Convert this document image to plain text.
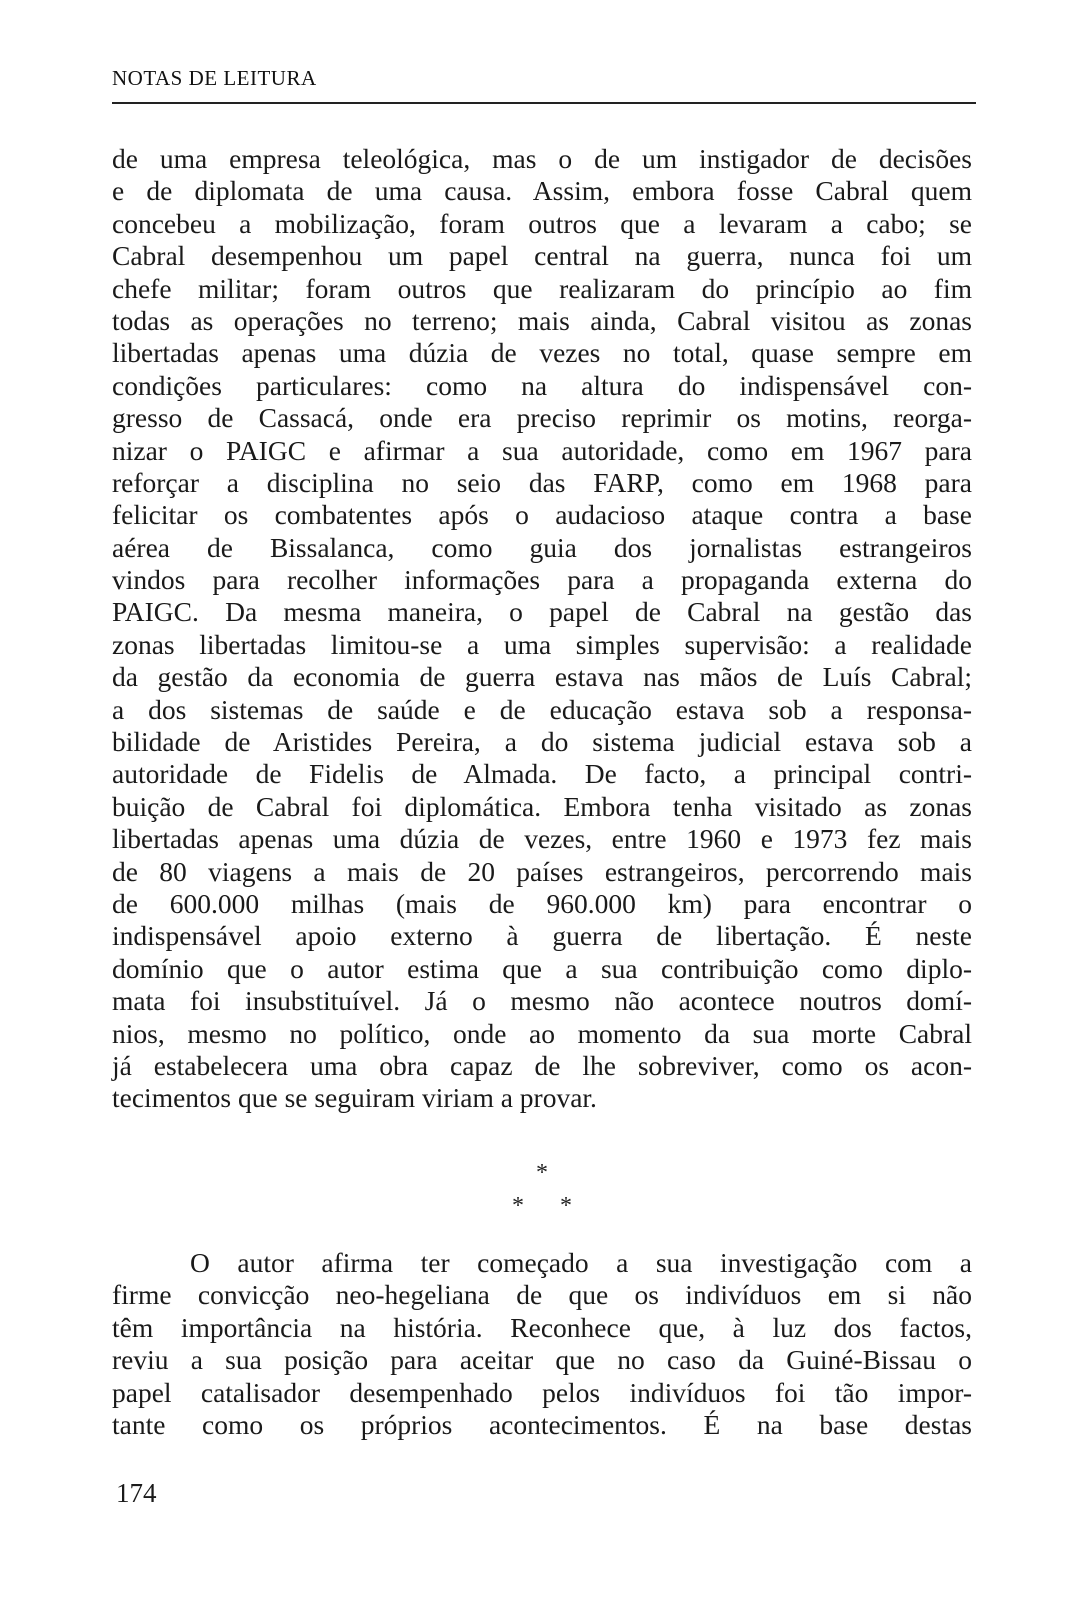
NOTAS DE LEITURA
de uma empresa teleológica, mas o de um instigador de decisões
e de diplomata de uma causa. Assim, embora fosse Cabral quem
concebeu a mobilização, foram outros que a levaram a cabo; se
Cabral desempenhou um papel central na guerra, nunca foi um
chefe militar; foram outros que realizaram do princípio ao fim
todas as operações no terreno; mais ainda, Cabral visitou as zonas
libertadas apenas uma dúzia de vezes no total, quase sempre em
condições particulares: como na altura do indispensável con-
gresso de Cassacá, onde era preciso reprimir os motins, reorga-
nizar o PAIGC e afirmar a sua autoridade, como em 1967 para
reforçar a disciplina no seio das FARP, como em 1968 para
felicitar os combatentes após o audacioso ataque contra a base
aérea de Bissalanca, como guia dos jornalistas estrangeiros
vindos para recolher informações para a propaganda externa do
PAIGC. Da mesma maneira, o papel de Cabral na gestão das
zonas libertadas limitou-se a uma simples supervisão: a realidade
da gestão da economia de guerra estava nas mãos de Luís Cabral;
a dos sistemas de saúde e de educação estava sob a responsa-
bilidade de Aristides Pereira, a do sistema judicial estava sob a
autoridade de Fidelis de Almada. De facto, a principal contri-
buição de Cabral foi diplomática. Embora tenha visitado as zonas
libertadas apenas uma dúzia de vezes, entre 1960 e 1973 fez mais
de 80 viagens a mais de 20 países estrangeiros, percorrendo mais
de 600.000 milhas (mais de 960.000 km) para encontrar o
indispensável apoio externo à guerra de libertação. É neste
domínio que o autor estima que a sua contribuição como diplo-
mata foi insubstituível. Já o mesmo não acontece noutros domí-
nios, mesmo no político, onde ao momento da sua morte Cabral
já estabelecera uma obra capaz de lhe sobreviver, como os acon-
tecimentos que se seguiram viriam a provar.
*
* *
O autor afirma ter começado a sua investigação com a
firme convicção neo-hegeliana de que os indivíduos em si não
têm importância na história. Reconhece que, à luz dos factos,
reviu a sua posição para aceitar que no caso da Guiné-Bissau o
papel catalisador desempenhado pelos indivíduos foi tão impor-
tante como os próprios acontecimentos. É na base destas
174
